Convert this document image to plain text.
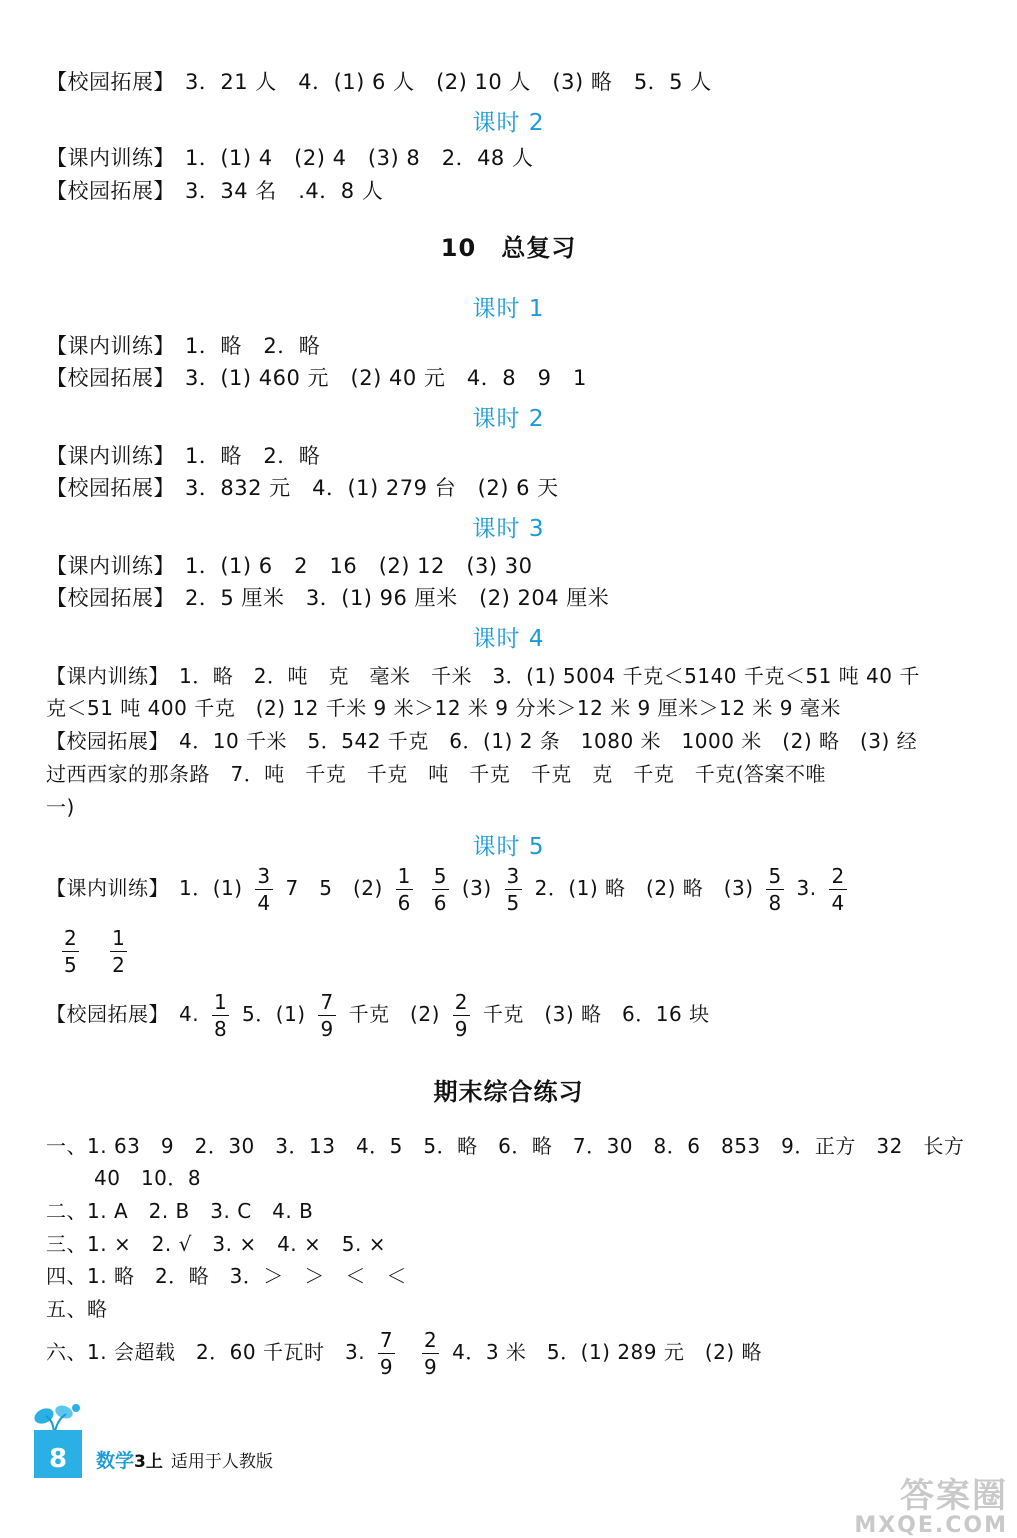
【校园拓展】 3．21 人　4．(1) 6 人　(2) 10 人　(3) 略　5．5 人
课时 2
【课内训练】 1．(1) 4　(2) 4　(3) 8　2．48 人
【校园拓展】 3．34 名　.4．8 人
10　总复习
课时 1
【课内训练】 1．略　2．略
【校园拓展】 3．(1) 460 元　(2) 40 元　4．8　9　1
课时 2
【课内训练】 1．略　2．略
【校园拓展】 3．832 元　4．(1) 279 台　(2) 6 天
课时 3
【课内训练】 1．(1) 6　2　16　(2) 12　(3) 30
【校园拓展】 2．5 厘米　3．(1) 96 厘米　(2) 204 厘米
课时 4
【课内训练】 1．略　2．吨　克　毫米　千米　3．(1) 5004 千克＜5140 千克＜51 吨 40 千
克＜51 吨 400 千克　(2) 12 千米 9 米＞12 米 9 分米＞12 米 9 厘米＞12 米 9 毫米
【校园拓展】 4．10 千米　5．542 千克　6．(1) 2 条　1080 米　1000 米　(2) 略　(3) 经
过西西家的那条路　7．吨　千克　千克　吨　千克　千克　克　千克　千克(答案不唯
一)
课时 5
【课内训练】 1．$(1) \frac{3}{4} 7$　5　$(2) \frac{1}{6}$
$\frac{5}{6} (3) \frac{3}{5} 2$．(1) 略　(2) 略　$(3) \frac{5}{8} 3$. $\frac{2}{4}$
$\frac{2}{5}$
$\frac{1}{2}$
【校园拓展】 4. $\frac{1}{8} 5$．$(1) \frac{7}{9}$ 千克　$(2) \frac{2}{9}$ 千克　(3) 略　6．16 块
期末综合练习
一、1. 63　9　2．30　3．13　4．5　5．略　6．略　7．30　8．6　853　9．正方　32　长方
40　10．8
二、1. A　2. B　3. C　4. B
三、1. ×　2. √　3. ×　4. ×　5. ×
四、1. 略　2．略　3．＞　＞　＜　＜
五、略
六、1. 会超载　2．60 千瓦时　3. $\frac{7}{9}$
$\frac{2}{9} 4$．3 米　5．(1) 289 元　(2) 略
8	数学3上 适用于人教版
答案圈
MXQE.COM
